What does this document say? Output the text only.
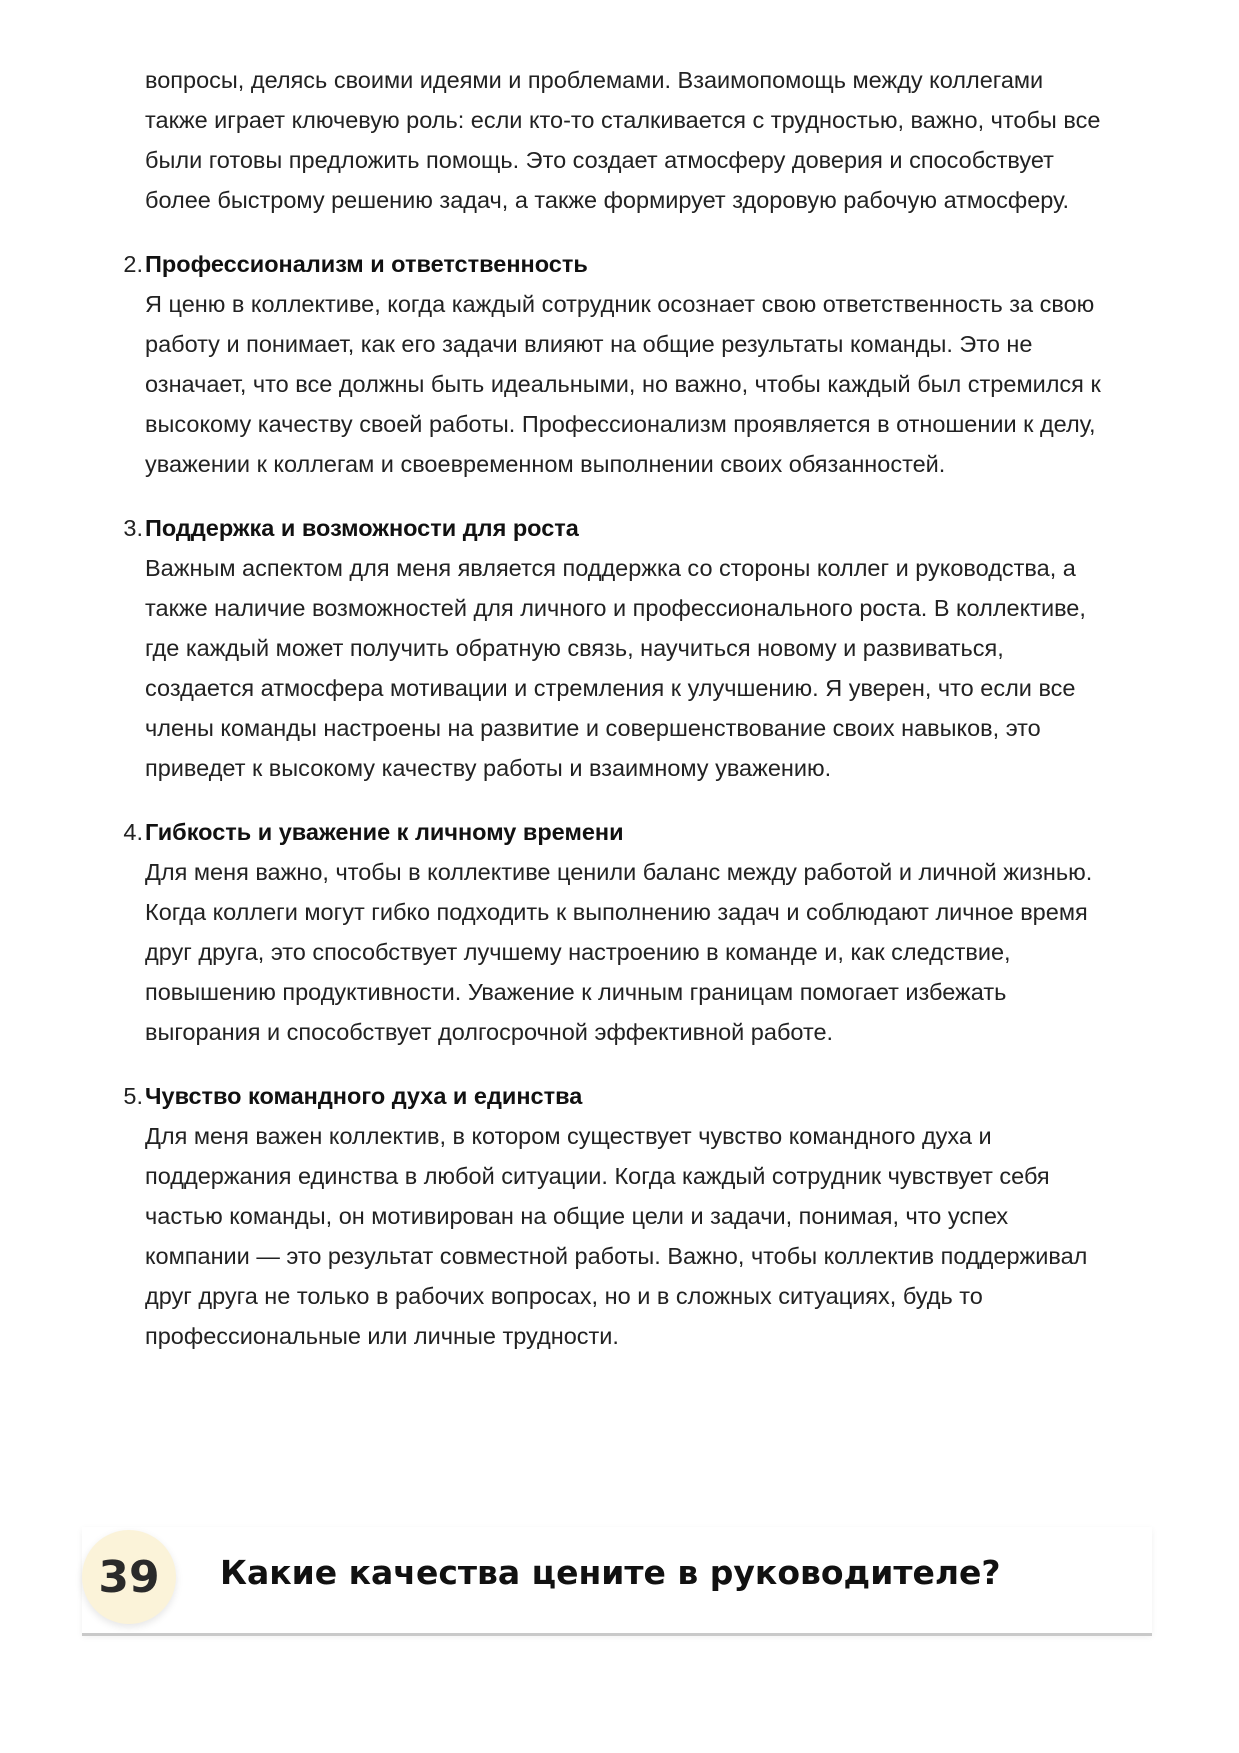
вопросы, делясь своими идеями и проблемами. Взаимопомощь между коллегами
также играет ключевую роль: если кто-то сталкивается с трудностью, важно, чтобы все
были готовы предложить помощь. Это создает атмосферу доверия и способствует
более быстрому решению задач, а также формирует здоровую рабочую атмосферу.

2. Профессионализм и ответственность

Я ценю в коллективе, когда каждый сотрудник осознает свою ответственность за свою
работу и понимает, как его задачи влияют на общие результаты команды. Это не
означает, что все должны быть идеальными, но важно, чтобы каждый был стремился к
высокому качеству своей работы. Профессионализм проявляется в отношении к делу,
уважении к коллегам и своевременном выполнении своих обязанностей.

3. Поддержка и возможности для роста

Важным аспектом для меня является поддержка со стороны коллег и руководства, а
также наличие возможностей для личного и профессионального роста. В коллективе,
где каждый может получить обратную связь, научиться новому и развиваться,
создается атмосфера мотивации и стремления к улучшению. Я уверен, что если все
члены команды настроены на развитие и совершенствование своих навыков, это
приведет к высокому качеству работы и взаимному уважению.

4. Гибкость и уважение к личному времени

Для меня важно, чтобы в коллективе ценили баланс между работой и личной жизнью.
Когда коллеги могут гибко подходить к выполнению задач и соблюдают личное время
друг друга, это способствует лучшему настроению в команде и, как следствие,
повышению продуктивности. Уважение к личным границам помогает избежать
выгорания и способствует долгосрочной эффективной работе.

5. Чувство командного духа и единства

Для меня важен коллектив, в котором существует чувство командного духа и
поддержания единства в любой ситуации. Когда каждый сотрудник чувствует себя
частью команды, он мотивирован на общие цели и задачи, понимая, что успех
компании — это результат совместной работы. Важно, чтобы коллектив поддерживал
друг друга не только в рабочих вопросах, но и в сложных ситуациях, будь то
профессиональные или личные трудности.

39	Какие качества цените в руководителе?
